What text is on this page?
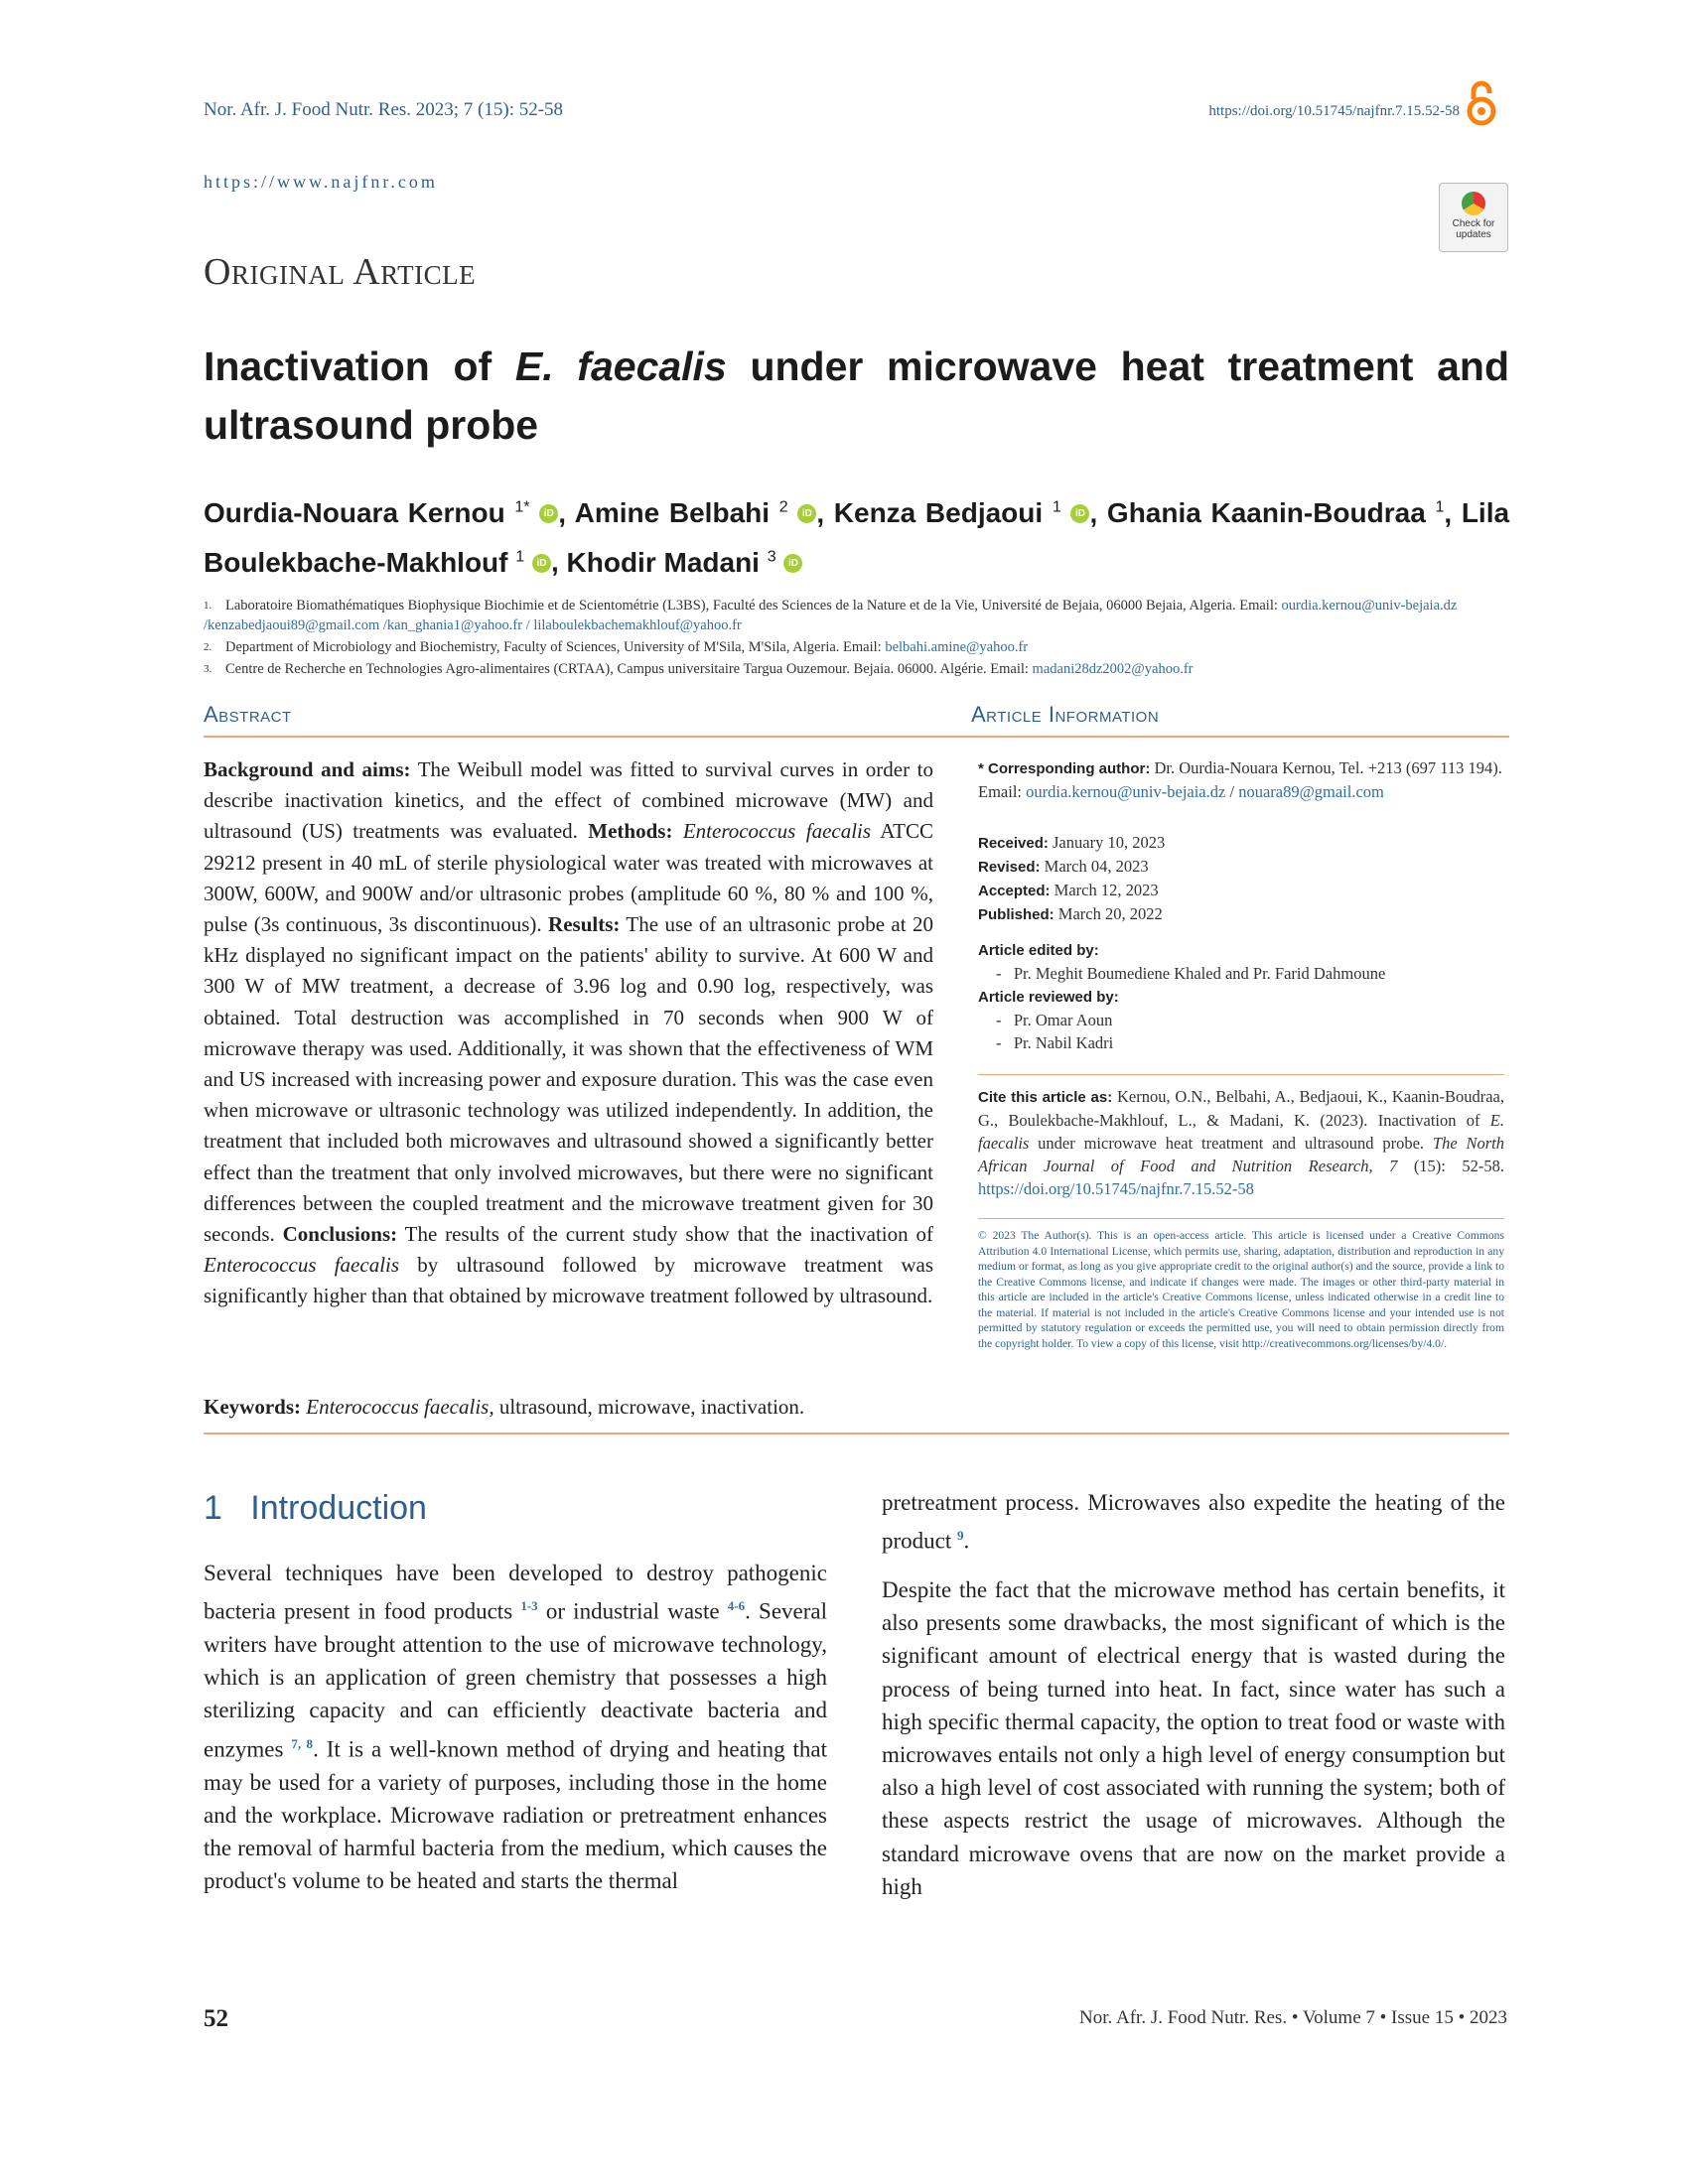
Nor. Afr. J. Food Nutr. Res. 2023; 7 (15): 52-58	https://doi.org/10.51745/najfnr.7.15.52-58
https://www.najfnr.com
Check for updates
Original Article
Inactivation of E. faecalis under microwave heat treatment and ultrasound probe
Ourdia-Nouara Kernou $^{1*}$ iD , Amine Belbahi $^2$ iD , Kenza Bedjaoui $^1$ iD , Ghania Kaanin-Boudraa $^1$, Lila Boulekbache-Makhlouf $^1$ iD , Khodir Madani $^3$ iD
1. Laboratoire Biomathématiques Biophysique Biochimie et de Scientométrie (L3BS), Faculté des Sciences de la Nature et de la Vie, Université de Bejaia, 06000 Bejaia, Algeria. Email: ourdia.kernou@univ-bejaia.dz /kenzabedjaoui89@gmail.com /kan_ghania1@yahoo.fr / lilaboulekbachemakhlouf@yahoo.fr
2. Department of Microbiology and Biochemistry, Faculty of Sciences, University of M'Sila, M'Sila, Algeria. Email: belbahi.amine@yahoo.fr
3. Centre de Recherche en Technologies Agro-alimentaires (CRTAA), Campus universitaire Targua Ouzemour. Bejaia. 06000. Algérie. Email: madani28dz2002@yahoo.fr
Abstract	Article Information
Background and aims: The Weibull model was fitted to survival curves in order to describe inactivation kinetics, and the effect of combined microwave (MW) and ultrasound (US) treatments was evaluated. Methods: Enterococcus faecalis ATCC 29212 present in 40 mL of sterile physiological water was treated with microwaves at 300W, 600W, and 900W and/or ultrasonic probes (amplitude 60 %, 80 % and 100 %, pulse (3s continuous, 3s discontinuous). Results: The use of an ultrasonic probe at 20 kHz displayed no significant impact on the patients' ability to survive. At 600 W and 300 W of MW treatment, a decrease of 3.96 log and 0.90 log, respectively, was obtained. Total destruction was accomplished in 70 seconds when 900 W of microwave therapy was used. Additionally, it was shown that the effectiveness of WM and US increased with increasing power and exposure duration. This was the case even when microwave or ultrasonic technology was utilized independently. In addition, the treatment that included both microwaves and ultrasound showed a significantly better effect than the treatment that only involved microwaves, but there were no significant differences between the coupled treatment and the microwave treatment given for 30 seconds. Conclusions: The results of the current study show that the inactivation of Enterococcus faecalis by ultrasound followed by microwave treatment was significantly higher than that obtained by microwave treatment followed by ultrasound.
Keywords: Enterococcus faecalis, ultrasound, microwave, inactivation.
* Corresponding author: Dr. Ourdia-Nouara Kernou, Tel. +213 (697 113 194). Email: ourdia.kernou@univ-bejaia.dz / nouara89@gmail.com
Received: January 10, 2023
Revised: March 04, 2023
Accepted: March 12, 2023
Published: March 20, 2022
Article edited by:
-   Pr. Meghit Boumediene Khaled and Pr. Farid Dahmoune
Article reviewed by:
-   Pr. Omar Aoun
-   Pr. Nabil Kadri
Cite this article as: Kernou, O.N., Belbahi, A., Bedjaoui, K., Kaanin-Boudraa, G., Boulekbache-Makhlouf, L., & Madani, K. (2023). Inactivation of E. faecalis under microwave heat treatment and ultrasound probe. The North African Journal of Food and Nutrition Research, 7 (15): 52-58. https://doi.org/10.51745/najfnr.7.15.52-58
© 2023 The Author(s). This is an open-access article. This article is licensed under a Creative Commons Attribution 4.0 International License, which permits use, sharing, adaptation, distribution and reproduction in any medium or format, as long as you give appropriate credit to the original author(s) and the source, provide a link to the Creative Commons license, and indicate if changes were made. The images or other third-party material in this article are included in the article's Creative Commons license, unless indicated otherwise in a credit line to the material. If material is not included in the article's Creative Commons license and your intended use is not permitted by statutory regulation or exceeds the permitted use, you will need to obtain permission directly from the copyright holder. To view a copy of this license, visit http://creativecommons.org/licenses/by/4.0/.
1 Introduction
Several techniques have been developed to destroy pathogenic bacteria present in food products $^{1-3}$ or industrial waste $^{4-6}$. Several writers have brought attention to the use of microwave technology, which is an application of green chemistry that possesses a high sterilizing capacity and can efficiently deactivate bacteria and enzymes $^{7, 8}$. It is a well-known method of drying and heating that may be used for a variety of purposes, including those in the home and the workplace. Microwave radiation or pretreatment enhances the removal of harmful bacteria from the medium, which causes the product's volume to be heated and starts the thermal
pretreatment process. Microwaves also expedite the heating of the product $^9$.
Despite the fact that the microwave method has certain benefits, it also presents some drawbacks, the most significant of which is the significant amount of electrical energy that is wasted during the process of being turned into heat. In fact, since water has such a high specific thermal capacity, the option to treat food or waste with microwaves entails not only a high level of energy consumption but also a high level of cost associated with running the system; both of these aspects restrict the usage of microwaves. Although the standard microwave ovens that are now on the market provide a high
52	Nor. Afr. J. Food Nutr. Res. • Volume 7 • Issue 15 • 2023
